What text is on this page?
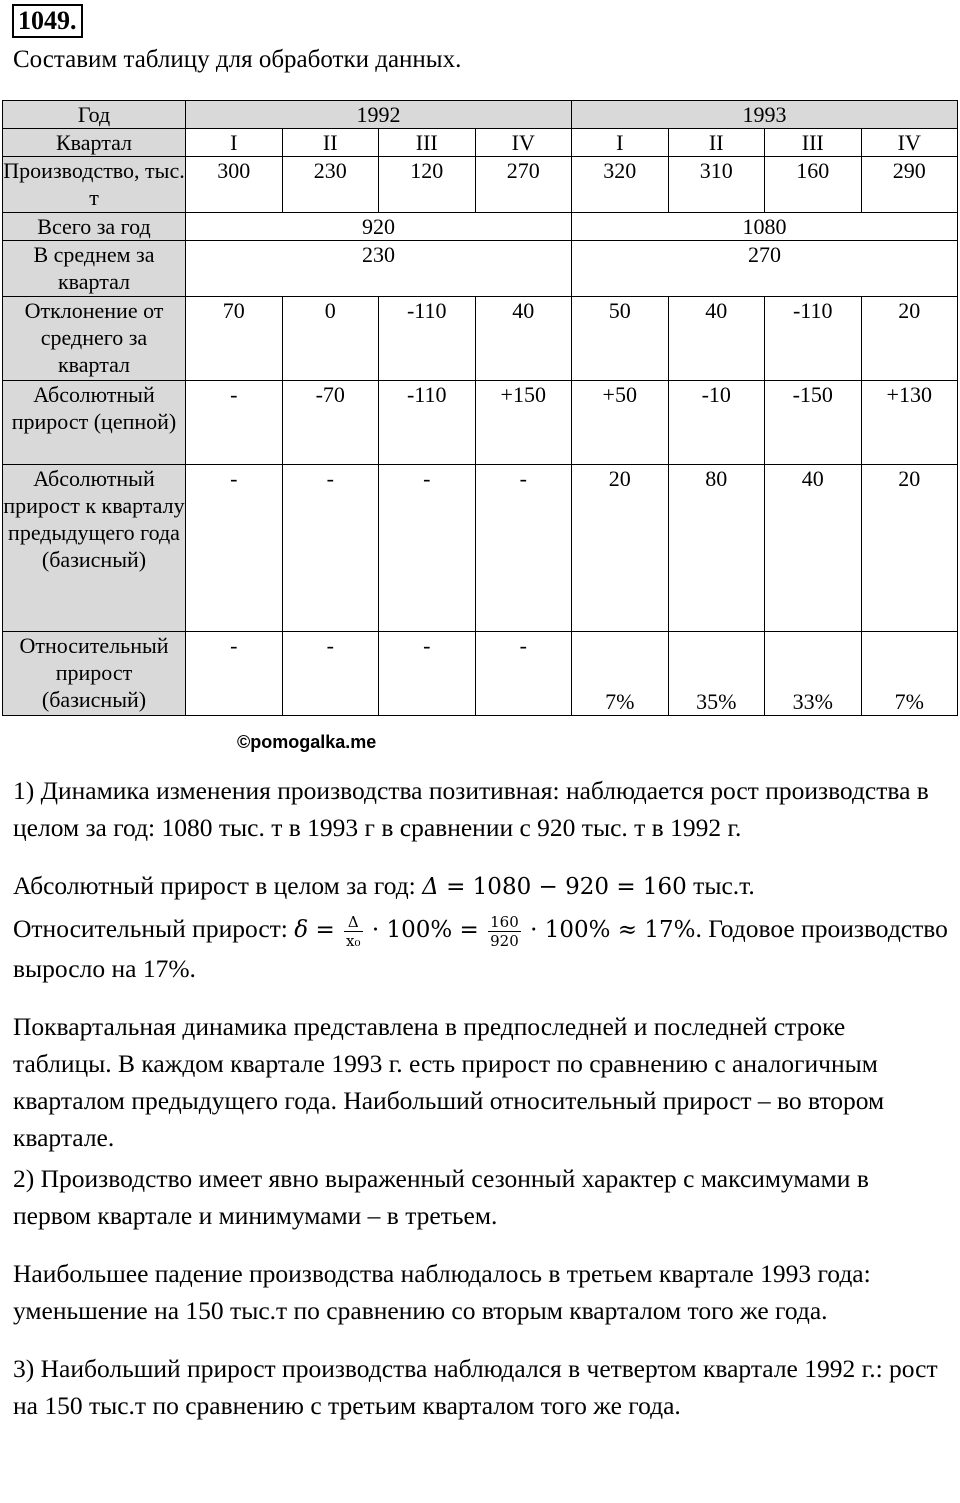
1049.

Составим таблицу для обработки данных.

Год	1992				1993			
Квартал	I	II	III	IV	I	II	III	IV
Производство, тыс. т	300	230	120	270	320	310	160	290
Всего за год	920				1080			
В среднем за квартал	230				270			
Отклонение от среднего за квартал	70	0	-110	40	50	40	-110	20
Абсолютный прирост (цепной)	-	-70	-110	+150	+50	-10	-150	+130
Абсолютный прирост к кварталу предыдущего года (базисный)	-	-	-	-	20	80	40	20
Относительный прирост (базисный)	-	-	-	-	7%	35%	33%	7%
©pomogalka.me

1) Динамика изменения производства позитивная: наблюдается рост производства в целом за год: 1080 тыс. т в 1993 г в сравнении с 920 тыс. т в 1992 г.

Абсолютный прирост в целом за год: Δ = 1080 − 920 = 160 тыс.т.

Относительный прирост: $\delta = \frac{\Delta}{\text{x₀}} \cdot 100\% = \frac{160}{920} \cdot 100\% \approx 17\%$. Годовое производство выросло на 17%.

Поквартальная динамика представлена в предпоследней и последней строке таблицы. В каждом квартале 1993 г. есть прирост по сравнению с аналогичным кварталом предыдущего года. Наибольший относительный прирост – во втором квартале.

2) Производство имеет явно выраженный сезонный характер с максимумами в первом квартале и минимумами – в третьем.

Наибольшее падение производства наблюдалось в третьем квартале 1993 года: уменьшение на 150 тыс.т по сравнению со вторым кварталом того же года.

3) Наибольший прирост производства наблюдался в четвертом квартале 1992 г.: рост на 150 тыс.т по сравнению с третьим кварталом того же года.
